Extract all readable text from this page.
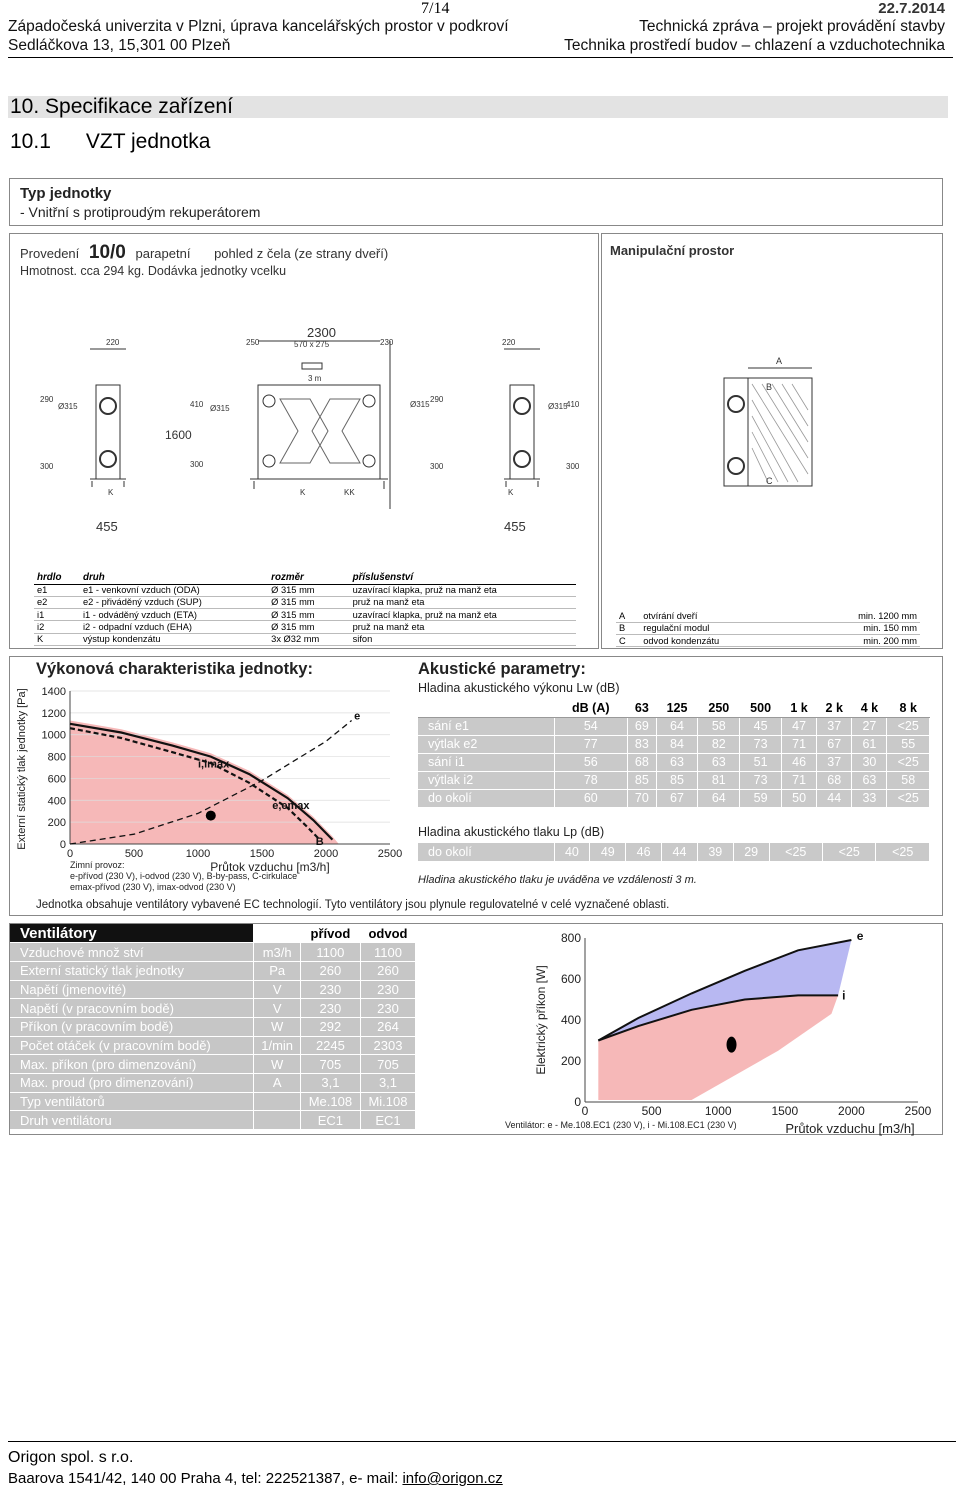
7/14	22.7.2014
Západočeská univerzita v Plzni, úprava kancelářských prostor v podkroví
Sedláčkova 13, 15,301 00 Plzeň
Technická zpráva – projekt provádění stavby
Technika prostředí budov – chlazení a vzduchotechnika
10. Specifikace zařízení
10.1      VZT jednotka
Typ jednotky
- Vnitřní s protiproudým rekuperátorem
Provedení 10/0 parapetní pohled z čela (ze strany dveří)
Hmotnost. cca 294 kg. Dodávka jednotky vcelku
2300
570 x 275
3 m
220	250	230	220
290
300
Ø315
1600
410
300
Ø315	Ø315
290
300
Ø315
410
300
K	K	KK	K
455	455
hrdlo	druh	rozměr	příslušenství
e1	e1 - venkovní vzduch (ODA)	Ø 315 mm	uzavírací klapka, pruž na manž eta
e2	e2 - přiváděný vzduch (SUP)	Ø 315 mm	pruž na manž eta
i1	i1 - odváděný vzduch (ETA)	Ø 315 mm	uzavírací klapka, pruž na manž eta
i2	i2 - odpadní vzduch (EHA)	Ø 315 mm	pruž na manž eta
K	výstup kondenzátu	3x Ø32 mm	sifon
Manipulační prostor
A
B
C
A	otvírání dveří	min. 1200 mm
B	regulační modul	min. 150 mm
C	odvod kondenzátu	min. 200 mm
Výkonová charakteristika jednotky:
0	500	1000	1500	2000	2500
0
200
400
600
800
1000
1200
1400
e
i,imax
e,emax
B
Průtok vzduchu [m3/h]
Externí statický tlak jednotky [Pa]
Zimní provoz:
e-přívod (230 V), i-odvod (230 V), B-by-pass, C-cirkulace
emax-přívod (230 V), imax-odvod (230 V)
Jednotka obsahuje ventilátory vybavené EC technologií. Tyto ventilátory jsou plynule regulovatelné v celé vyznačené oblasti.
Akustické parametry:
Hladina akustického výkonu Lw (dB)
	dB (A)	63	125	250	500	1 k	2 k	4 k	8 k
sání e1	54	69	64	58	45	47	37	27	<25
výtlak e2	77	83	84	82	73	71	67	61	55
sání i1	56	68	63	63	51	46	37	30	<25
výtlak i2	78	85	85	81	73	71	68	63	58
do okolí	60	70	67	64	59	50	44	33	<25
Hladina akustického tlaku Lp (dB)
do okolí	40	49	46	44	39	29	<25	<25	<25
Hladina akustického tlaku je uváděna ve vzdálenosti 3 m.
Ventilátory		přívod	odvod
Vzduchové množ ství	m3/h	1100	1100
Externí statický tlak jednotky	Pa	260	260
Napětí (jmenovité)	V	230	230
Napětí (v pracovním bodě)	V	230	230
Příkon (v pracovním bodě)	W	292	264
Počet otáček (v pracovním bodě)	1/min	2245	2303
Max. příkon (pro dimenzování)	W	705	705
Max. proud (pro dimenzování)	A	3,1	3,1
Typ ventilátorů		Me.108	Mi.108
Druh ventilátoru		EC1	EC1
0	500	1000	1500	2000	2500
0
200
400
600
800	e
i
Průtok vzduchu [m3/h]
Elektrický příkon [W]
Ventilátor: e - Me.108.EC1 (230 V), i - Mi.108.EC1 (230 V)
Origon spol. s r.o.
Baarova 1541/42, 140 00 Praha 4, tel: 222521387, e- mail: info@origon.cz
